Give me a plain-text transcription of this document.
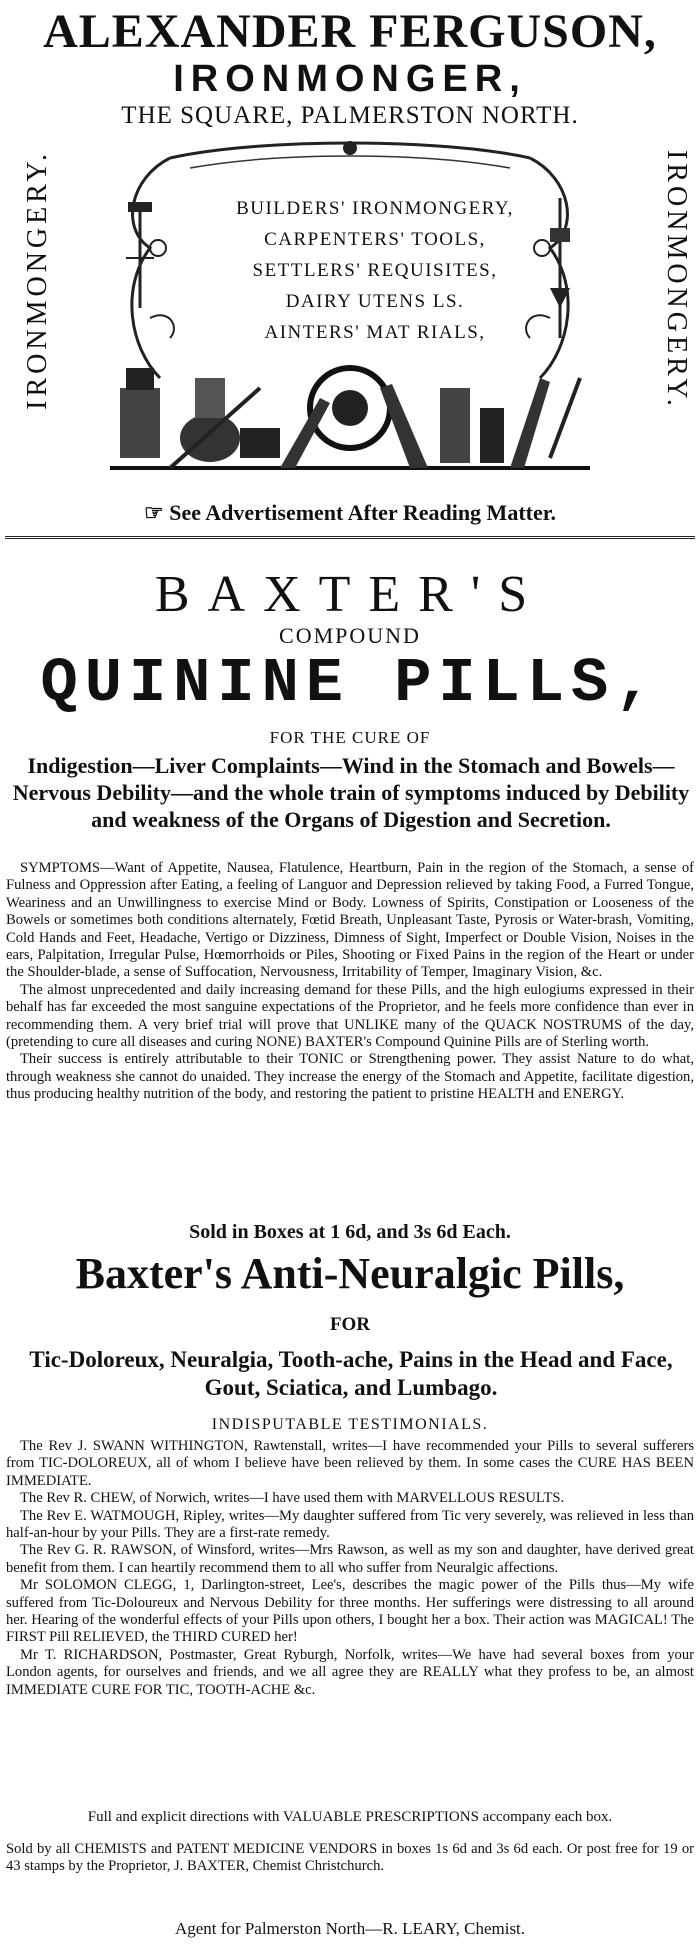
ALEXANDER FERGUSON,
IRONMONGER,
THE SQUARE, PALMERSTON NORTH.
IRONMONGERY.	IRONMONGERY.
BUILDERS' IRONMONGERY,
CARPENTERS' TOOLS,
SETTLERS' REQUISITES,
DAIRY UTENS LS.
AINTERS' MAT RIALS,
☞ See Advertisement After Reading Matter.
BAXTER'S
COMPOUND
QUININE PILLS,
FOR THE CURE OF
Indigestion—Liver Complaints—Wind in the Stomach and Bowels—Nervous Debility—and the whole train of symptoms induced by Debility and weakness of the Organs of Digestion and Secretion.

SYMPTOMS—Want of Appetite, Nausea, Flatulence, Heartburn, Pain in the region of the Stomach, a sense of Fulness and Oppression after Eating, a feeling of Languor and Depression relieved by taking Food, a Furred Tongue, Weariness and an Unwillingness to exercise Mind or Body. Lowness of Spirits, Constipation or Looseness of the Bowels or sometimes both conditions alternately, Fœtid Breath, Unpleasant Taste, Pyrosis or Water-brash, Vomiting, Cold Hands and Feet, Headache, Vertigo or Dizziness, Dimness of Sight, Imperfect or Double Vision, Noises in the ears, Palpitation, Irregular Pulse, Hœmorrhoids or Piles, Shooting or Fixed Pains in the region of the Heart or under the Shoulder-blade, a sense of Suffocation, Nervousness, Irritability of Temper, Imaginary Vision, &c.

The almost unprecedented and daily increasing demand for these Pills, and the high eulogiums expressed in their behalf has far exceeded the most sanguine expectations of the Proprietor, and he feels more confidence than ever in recommending them. A very brief trial will prove that UNLIKE many of the QUACK NOSTRUMS of the day, (pretending to cure all diseases and curing NONE) BAXTER's Compound Quinine Pills are of Sterling worth.

Their success is entirely attributable to their TONIC or Strengthening power. They assist Nature to do what, through weakness she cannot do unaided. They increase the energy of the Stomach and Appetite, facilitate digestion, thus producing healthy nutrition of the body, and restoring the patient to pristine HEALTH and ENERGY.

Sold in Boxes at 1 6d, and 3s 6d Each.
Baxter's Anti-Neuralgic Pills,
FOR
Tic-Doloreux, Neuralgia, Tooth-ache, Pains in the Head and Face, Gout, Sciatica, and Lumbago.
INDISPUTABLE TESTIMONIALS.

The Rev J. SWANN WITHINGTON, Rawtenstall, writes—I have recommended your Pills to several sufferers from TIC-DOLOREUX, all of whom I believe have been relieved by them. In some cases the CURE HAS BEEN IMMEDIATE.

The Rev R. CHEW, of Norwich, writes—I have used them with MARVELLOUS RESULTS.

The Rev E. WATMOUGH, Ripley, writes—My daughter suffered from Tic very severely, was relieved in less than half-an-hour by your Pills. They are a first-rate remedy.

The Rev G. R. RAWSON, of Winsford, writes—Mrs Rawson, as well as my son and daughter, have derived great benefit from them. I can heartily recommend them to all who suffer from Neuralgic affections.

Mr SOLOMON CLEGG, 1, Darlington-street, Lee's, describes the magic power of the Pills thus—My wife suffered from Tic-Doloureux and Nervous Debility for three months. Her sufferings were distressing to all around her. Hearing of the wonderful effects of your Pills upon others, I bought her a box. Their action was MAGICAL! The FIRST Pill RELIEVED, the THIRD CURED her!

Mr T. RICHARDSON, Postmaster, Great Ryburgh, Norfolk, writes—We have had several boxes from your London agents, for ourselves and friends, and we all agree they are REALLY what they profess to be, an almost IMMEDIATE CURE FOR TIC, TOOTH-ACHE &c.

Full and explicit directions with VALUABLE PRESCRIPTIONS accompany each box.
Sold by all CHEMISTS and PATENT MEDICINE VENDORS in boxes 1s 6d and 3s 6d each. Or post free for 19 or 43 stamps by the Proprietor, J. BAXTER, Chemist Christchurch.
Agent for Palmerston North—R. LEARY, Chemist.
